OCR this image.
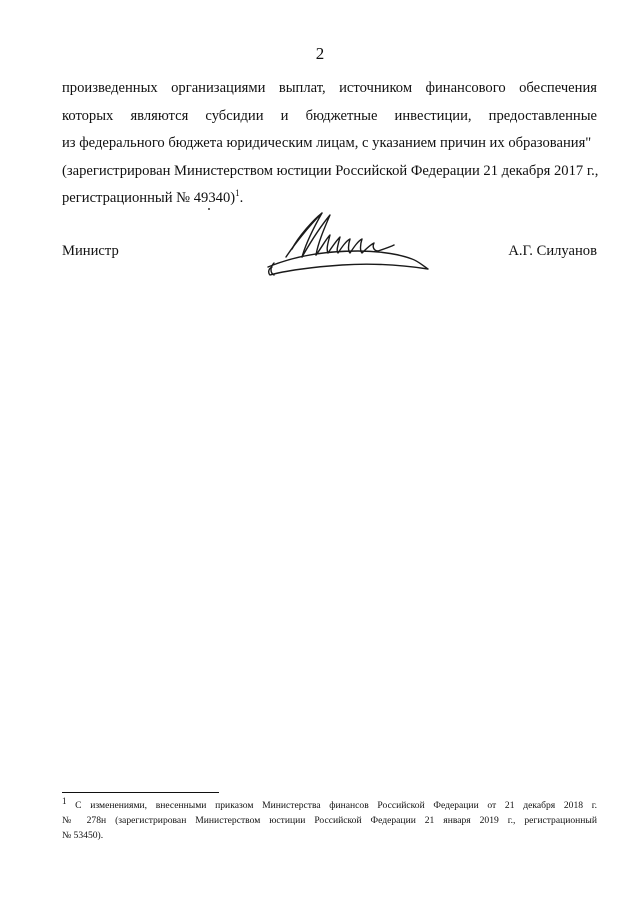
2
произведенных организациями выплат, источником финансового обеспечения
которых являются субсидии и бюджетные инвестиции, предоставленные
из федерального бюджета юридическим лицам, с указанием причин их образования"
(зарегистрирован Министерством юстиции Российской Федерации 21 декабря 2017 г.,
регистрационный № 49340)$^1$.
Министр	А.Г. Силуанов
$^1$ С изменениями, внесенными приказом Министерства финансов Российской Федерации от 21 декабря 2018 г.
№ 278н (зарегистрирован Министерством юстиции Российской Федерации 21 января 2019 г., регистрационный
№ 53450).
